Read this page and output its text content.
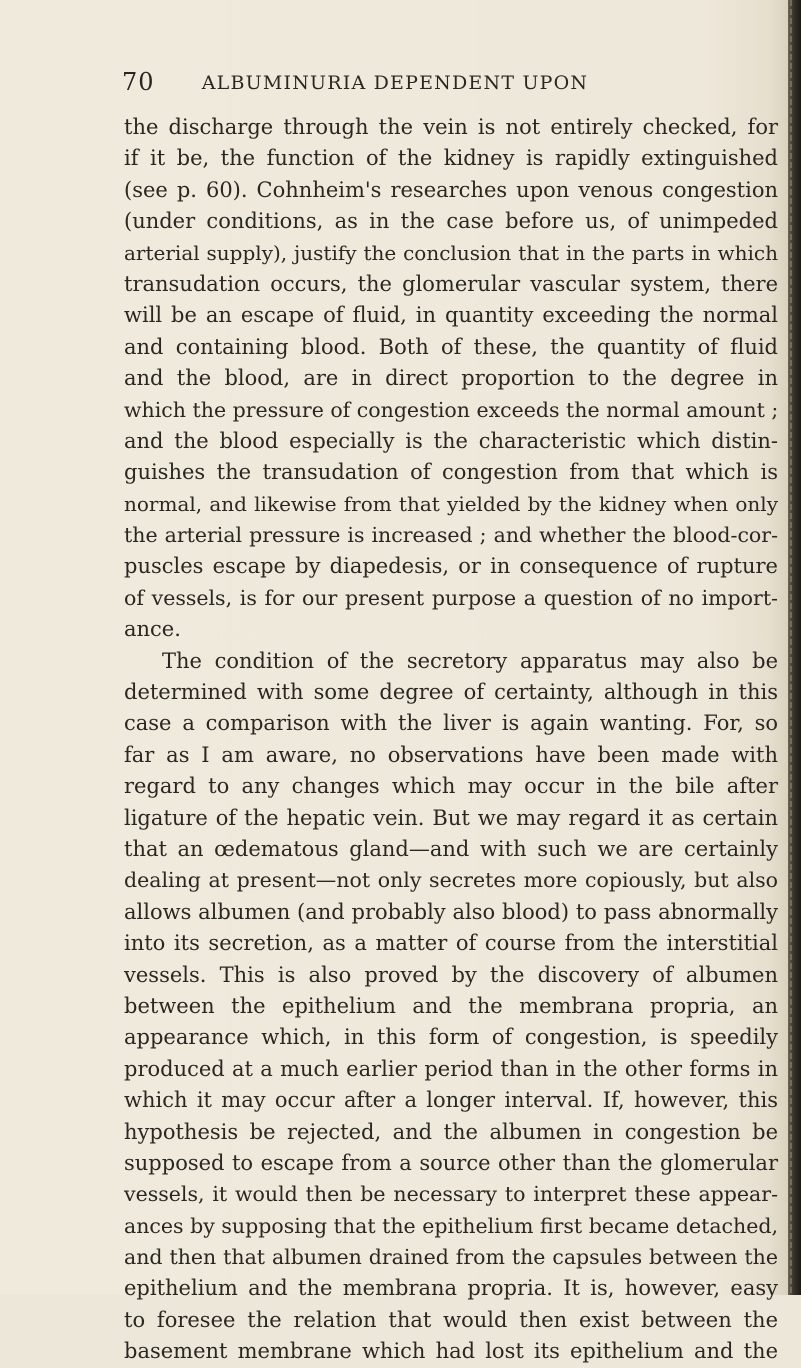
70	ALBUMINURIA DEPENDENT UPON
the discharge through the vein is not entirely checked, for
if it be, the function of the kidney is rapidly extinguished
(see p. 60). Cohnheim's researches upon venous congestion
(under conditions, as in the case before us, of unimpeded
arterial supply), justify the conclusion that in the parts in which
transudation occurs, the glomerular vascular system, there
will be an escape of fluid, in quantity exceeding the normal
and containing blood. Both of these, the quantity of fluid
and the blood, are in direct proportion to the degree in
which the pressure of congestion exceeds the normal amount ;
and the blood especially is the characteristic which distin-
guishes the transudation of congestion from that which is
normal, and likewise from that yielded by the kidney when only
the arterial pressure is increased ; and whether the blood-cor-
puscles escape by diapedesis, or in consequence of rupture
of vessels, is for our present purpose a question of no import-
ance.
The condition of the secretory apparatus may also be
determined with some degree of certainty, although in this
case a comparison with the liver is again wanting. For, so
far as I am aware, no observations have been made with
regard to any changes which may occur in the bile after
ligature of the hepatic vein. But we may regard it as certain
that an œdematous gland—and with such we are certainly
dealing at present—not only secretes more copiously, but also
allows albumen (and probably also blood) to pass abnormally
into its secretion, as a matter of course from the interstitial
vessels. This is also proved by the discovery of albumen
between the epithelium and the membrana propria, an
appearance which, in this form of congestion, is speedily
produced at a much earlier period than in the other forms in
which it may occur after a longer interval. If, however, this
hypothesis be rejected, and the albumen in congestion be
supposed to escape from a source other than the glomerular
vessels, it would then be necessary to interpret these appear-
ances by supposing that the epithelium first became detached,
and then that albumen drained from the capsules between the
epithelium and the membrana propria. It is, however, easy
to foresee the relation that would then exist between the
basement membrane which had lost its epithelium and the
